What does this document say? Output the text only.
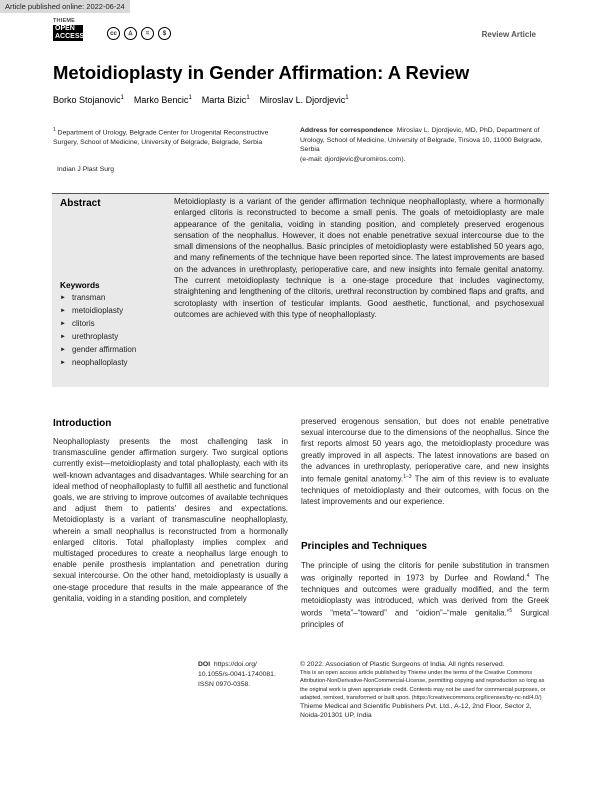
Article published online: 2022-06-24
THIEME
OPEN ACCESS	cc	♙	=	$	Review Article
Metoidioplasty in Gender Affirmation: A Review
Borko Stojanovic$^1$ Marko Bencic$^1$ Marta Bizic$^1$ Miroslav L. Djordjevic$^1$
$^1$ Department of Urology, Belgrade Center for Urogenital Reconstructive Surgery, School of Medicine, University of Belgrade, Belgrade, Serbia
Indian J Plast Surg
Address for correspondence Miroslav L. Djordjevic, MD, PhD, Department of Urology, School of Medicine, University of Belgrade, Tirsova 10, 11000 Belgrade, Serbia
(e-mail: djordjevic@uromiros.com).
Abstract	Metoidioplasty is a variant of the gender affirmation technique neophalloplasty, where a hormonally enlarged clitoris is reconstructed to become a small penis. The goals of metoidioplasty are male appearance of the genitalia, voiding in standing position, and completely preserved erogenous sensation of the neophallus. However, it does not enable penetrative sexual intercourse due to the small dimensions of the neophallus. Basic principles of metoidioplasty were established 50 years ago, and many refinements of the technique have been reported since. The latest improvements are based on the advances in urethroplasty, perioperative care, and new insights into female genital anatomy. The current metoidioplasty technique is a one-stage procedure that includes vaginectomy, straightening and lengthening of the clitoris, urethral reconstruction by combined flaps and grafts, and scrotoplasty with insertion of testicular implants. Good aesthetic, functional, and psychosexual outcomes are achieved with this type of neophalloplasty.
Keywords
► transman
► metoidioplasty
► clitoris
► urethroplasty
► gender affirmation
► neophalloplasty
Introduction
Neophalloplasty presents the most challenging task in transmasculine gender affirmation surgery. Two surgical options currently exist—metoidioplasty and total phalloplasty, each with its well-known advantages and disadvantages. While searching for an ideal method of neophalloplasty to fulfill all aesthetic and functional goals, we are striving to improve outcomes of available techniques and adjust them to patients' desires and expectations. Metoidioplasty is a variant of transmasculine neophalloplasty, wherein a small neophallus is reconstructed from a hormonally enlarged clitoris. Total phalloplasty implies complex and multistaged procedures to create a neophallus large enough to enable penile prosthesis implantation and penetration during sexual intercourse. On the other hand, metoidioplasty is usually a one-stage procedure that results in the male appearance of the genitalia, voiding in a standing position, and completely
preserved erogenous sensation, but does not enable penetrative sexual intercourse due to the dimensions of the neophallus. Since the first reports almost 50 years ago, the metoidioplasty procedure was greatly improved in all aspects. The latest innovations are based on the advances in urethroplasty, perioperative care, and new insights into female genital anatomy.$^{1-3}$ The aim of this review is to evaluate techniques of metoidioplasty and their outcomes, with focus on the latest improvements and our experience.
Principles and Techniques
The principle of using the clitoris for penile substitution in transmen was originally reported in 1973 by Durfee and Rowland.$^4$ The techniques and outcomes were gradually modified, and the term metoidioplasty was introduced, which was derived from the Greek words “meta”–“toward” and “oidion”–“male genitalia.”$^5$ Surgical principles of
DOI https://doi.org/
10.1055/s-0041-1740081.
ISSN 0970-0358.
© 2022. Association of Plastic Surgeons of India. All rights reserved.
This is an open access article published by Thieme under the terms of the Creative Commons Attribution-NonDerivative-NonCommercial-License, permitting copying and reproduction so long as the original work is given appropriate credit. Contents may not be used for commercial purposes, or adapted, remixed, transformed or built upon. (https://creativecommons.org/licenses/by-nc-nd/4.0/)
Thieme Medical and Scientific Publishers Pvt. Ltd., A-12, 2nd Floor, Sector 2, Noida-201301 UP, India
